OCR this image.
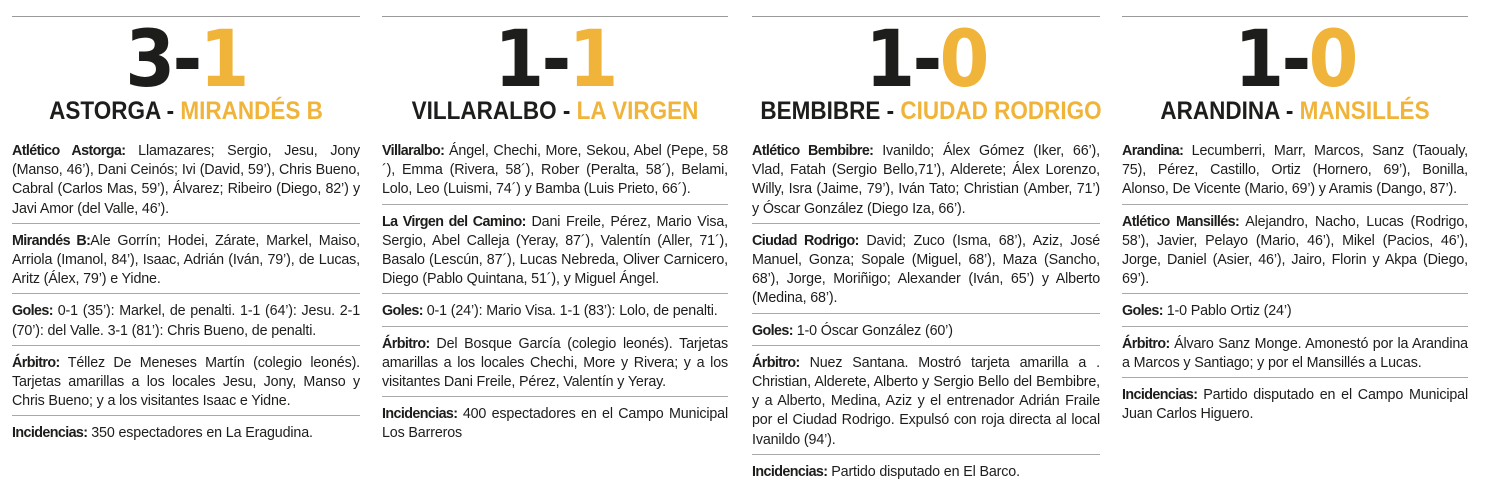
3-1
ASTORGA - MIRANDÉS B

Atlético Astorga: Llamazares; Sergio, Jesu, Jony (Manso, 46’), Dani Ceinós; Ivi (David, 59’), Chris Bueno, Cabral (Carlos Mas, 59’), Álvarez; Ribeiro (Diego, 82’) y Javi Amor (del Valle, 46’).

Mirandés B:Ale Gorrín; Hodei, Zárate, Markel, Maiso, Arriola (Imanol, 84’), Isaac, Adrián (Iván, 79’), de Lucas, Aritz (Álex, 79’) e Yidne.

Goles: 0-1 (35’): Markel, de penalti. 1-1 (64’): Jesu. 2-1 (70’): del Valle. 3-1 (81’): Chris Bueno, de penalti.

Árbitro: Téllez De Meneses Martín (colegio leonés). Tarjetas amarillas a los locales Jesu, Jony, Manso y Chris Bueno; y a los visitantes Isaac e Yidne.

Incidencias: 350 espectadores en La Eragudina.

1-1
VILLARALBO - LA VIRGEN

Villaralbo: Ángel, Chechi, More, Sekou, Abel (Pepe, 58´), Emma (Rivera, 58´), Rober (Peralta, 58´), Belami, Lolo, Leo (Luismi, 74´) y Bamba (Luis Prieto, 66´).

La Virgen del Camino: Dani Freile, Pérez, Mario Visa, Sergio, Abel Calleja (Yeray, 87´), Valentín (Aller, 71´), Basalo (Lescún, 87´), Lucas Nebreda, Oliver Carnicero, Diego (Pablo Quintana, 51´), y Miguel Ángel.

Goles: 0-1 (24’): Mario Visa. 1-1 (83’): Lolo, de penalti.

Árbitro: Del Bosque García (colegio leonés). Tarjetas amarillas a los locales Chechi, More y Rivera; y a los visitantes Dani Freile, Pérez, Valentín y Yeray.

Incidencias: 400 espectadores en el Campo Municipal Los Barreros

1-0
BEMBIBRE - CIUDAD RODRIGO

Atlético Bembibre: Ivanildo; Álex Gómez (Iker, 66’), Vlad, Fatah (Sergio Bello,71’), Alderete; Álex Lorenzo, Willy, Isra (Jaime, 79’), Iván Tato; Christian (Amber, 71’) y Óscar González (Diego Iza, 66’).

Ciudad Rodrigo: David; Zuco (Isma, 68’), Aziz, José Manuel, Gonza; Sopale (Miguel, 68’), Maza (Sancho, 68’), Jorge, Moriñigo; Alexander (Iván, 65’) y Alberto (Medina, 68’).

Goles: 1-0 Óscar González (60’)

Árbitro: Nuez Santana. Mostró tarjeta amarilla a . Christian, Alderete, Alberto y Sergio Bello del Bembibre, y a Alberto, Medina, Aziz y el entrenador Adrián Fraile por el Ciudad Rodrigo. Expulsó con roja directa al local Ivanildo (94’).

Incidencias: Partido disputado en El Barco.

1-0
ARANDINA - MANSILLÉS

Arandina: Lecumberri, Marr, Marcos, Sanz (Taoualy, 75), Pérez, Castillo, Ortiz (Hornero, 69’), Bonilla, Alonso, De Vicente (Mario, 69’) y Aramis (Dango, 87’).

Atlético Mansillés: Alejandro, Nacho, Lucas (Rodrigo, 58’), Javier, Pelayo (Mario, 46’), Mikel (Pacios, 46’), Jorge, Daniel (Asier, 46’), Jairo, Florin y Akpa (Diego, 69’).

Goles: 1-0 Pablo Ortiz (24’)

Árbitro: Álvaro Sanz Monge. Amonestó por la Arandina a Marcos y Santiago; y por el Mansillés a Lucas.

Incidencias: Partido disputado en el Campo Municipal Juan Carlos Higuero.
